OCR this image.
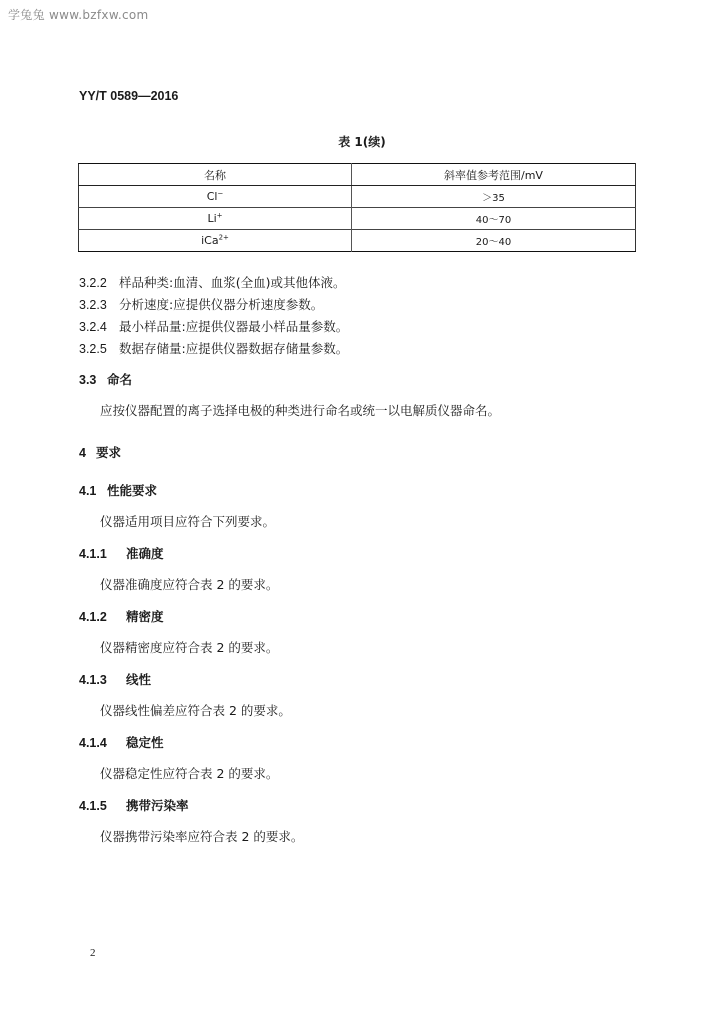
学兔兔 www.bzfxw.com
YY/T 0589—2016
表 1(续)
名称	斜率值参考范围/mV
Cl−	＞35
Li+	40～70
iCa$^{2+}$	20～40
3.2.2 样品种类:血清、血浆(全血)或其他体液。
3.2.3 分析速度:应提供仪器分析速度参数。
3.2.4 最小样品量:应提供仪器最小样品量参数。
3.2.5 数据存储量:应提供仪器数据存储量参数。
3.3 命名
应按仪器配置的离子选择电极的种类进行命名或统一以电解质仪器命名。
4 要求
4.1 性能要求
仪器适用项目应符合下列要求。
4.1.1 准确度
仪器准确度应符合表 2 的要求。
4.1.2 精密度
仪器精密度应符合表 2 的要求。
4.1.3 线性
仪器线性偏差应符合表 2 的要求。
4.1.4 稳定性
仪器稳定性应符合表 2 的要求。
4.1.5 携带污染率
仪器携带污染率应符合表 2 的要求。
2
